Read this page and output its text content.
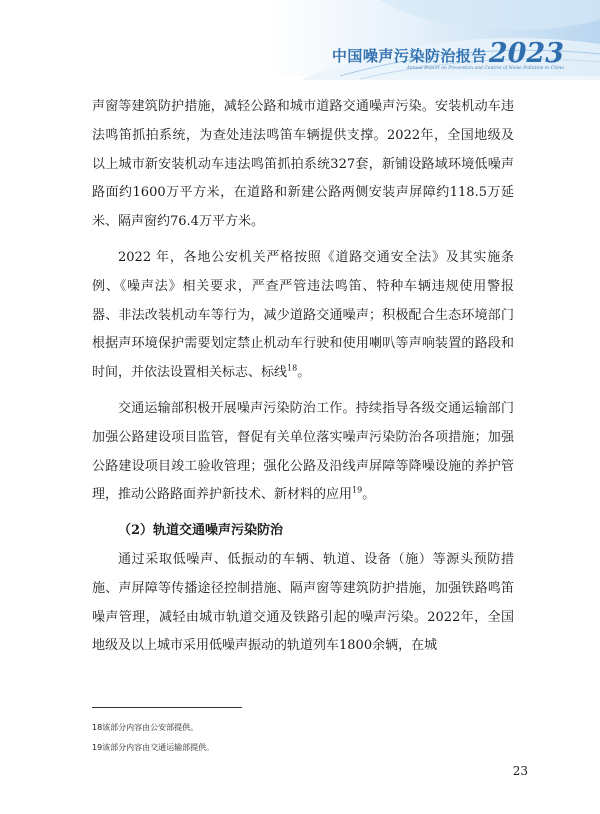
中国噪声污染防治报告 2023
Annual Report on Prevention and Control of Noise Pollution in China

声窗等建筑防护措施，减轻公路和城市道路交通噪声污染。安装机动车违法鸣笛抓拍系统，为查处违法鸣笛车辆提供支撑。2022年，全国地级及以上城市新安装机动车违法鸣笛抓拍系统327套，新铺设路域环境低噪声路面约1600万平方米，在道路和新建公路两侧安装声屏障约118.5万延米、隔声窗约76.4万平方米。

2022 年，各地公安机关严格按照《道路交通安全法》及其实施条例、《噪声法》相关要求，严查严管违法鸣笛、特种车辆违规使用警报器、非法改装机动车等行为，减少道路交通噪声；积极配合生态环境部门根据声环境保护需要划定禁止机动车行驶和使用喇叭等声响装置的路段和时间，并依法设置相关标志、标线$^{18}$。

交通运输部积极开展噪声污染防治工作。持续指导各级交通运输部门加强公路建设项目监管，督促有关单位落实噪声污染防治各项措施；加强公路建设项目竣工验收管理；强化公路及沿线声屏障等降噪设施的养护管理，推动公路路面养护新技术、新材料的应用$^{19}$。

（2）轨道交通噪声污染防治

通过采取低噪声、低振动的车辆、轨道、设备（施）等源头预防措施、声屏障等传播途径控制措施、隔声窗等建筑防护措施，加强铁路鸣笛噪声管理，减轻由城市轨道交通及铁路引起的噪声污染。2022年，全国地级及以上城市采用低噪声振动的轨道列车1800余辆，在城

18该部分内容由公安部提供。
19该部分内容由交通运输部提供。
23
